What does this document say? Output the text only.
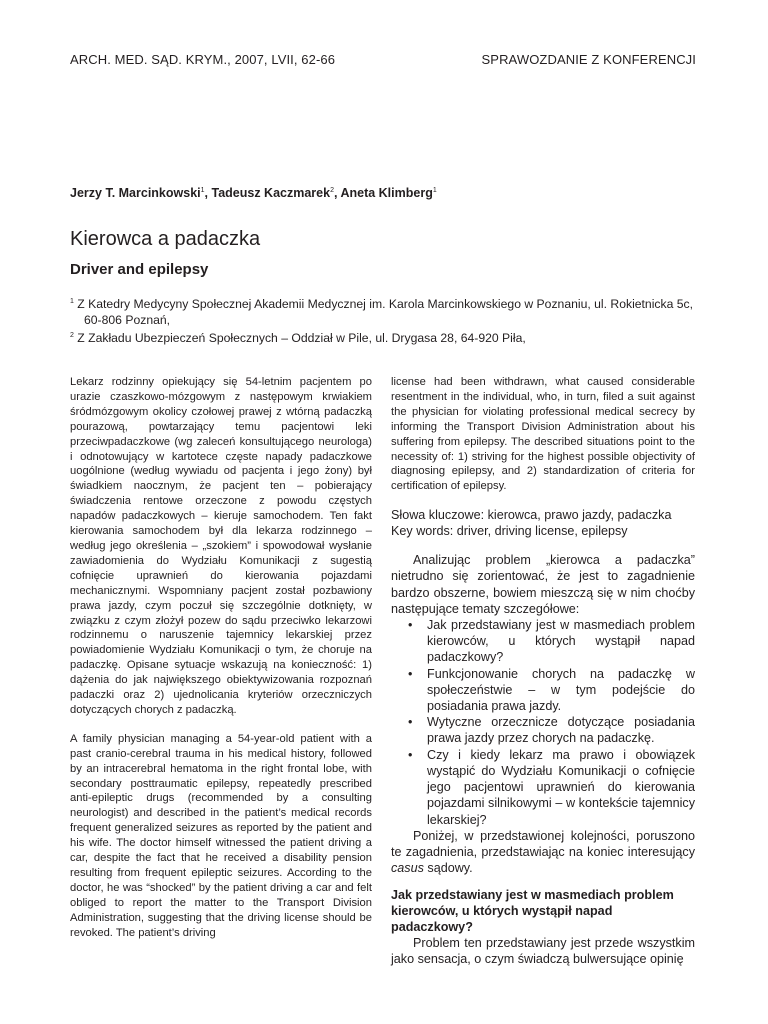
ARCH. MED. SĄD. KRYM., 2007, LVII, 62-66	SPRAWOZDANIE Z KONFERENCJI
Jerzy T. Marcinkowski$^1$, Tadeusz Kaczmarek$^2$, Aneta Klimberg$^1$
Kierowca a padaczka
Driver and epilepsy
$^1$ Z Katedry Medycyny Społecznej Akademii Medycznej im. Karola Marcinkowskiego w Poznaniu, ul. Rokietnicka 5c, 60-806 Poznań,
$^2$ Z Zakładu Ubezpieczeń Społecznych – Oddział w Pile, ul. Drygasa 28, 64-920 Piła,

Lekarz rodzinny opiekujący się 54-letnim pacjentem po urazie czaszkowo-mózgowym z następowym krwiakiem śródmózgowym okolicy czołowej prawej z wtórną padaczką pourazową, powtarzający temu pacjentowi leki przeciwpadaczkowe (wg zaleceń konsultującego neurologa) i odnotowujący w kartotece częste napady padaczkowe uogólnione (według wywiadu od pacjenta i jego żony) był świadkiem naocznym, że pacjent ten – pobierający świadczenia rentowe orzeczone z powodu częstych napadów padaczkowych – kieruje samochodem. Ten fakt kierowania samochodem był dla lekarza rodzinnego – według jego określenia – „szokiem” i spowodował wysłanie zawiadomienia do Wydziału Komunikacji z sugestią cofnięcie uprawnień do kierowania pojazdami mechanicznymi. Wspomniany pacjent został pozbawiony prawa jazdy, czym poczuł się szczególnie dotknięty, w związku z czym złożył pozew do sądu przeciwko lekarzowi rodzinnemu o naruszenie tajemnicy lekarskiej przez powiadomienie Wydziału Komunikacji o tym, że choruje na padaczkę. Opisane sytuacje wskazują na konieczność: 1) dążenia do jak największego obiektywizowania rozpoznań padaczki oraz 2) ujednolicania kryteriów orzeczniczych dotyczących chorych z padaczką.

A family physician managing a 54-year-old patient with a past cranio-cerebral trauma in his medical history, followed by an intracerebral hematoma in the right frontal lobe, with secondary posttraumatic epilepsy, repeatedly prescribed anti-epileptic drugs (recommended by a consulting neurologist) and described in the patient’s medical records frequent generalized seizures as reported by the patient and his wife. The doctor himself witnessed the patient driving a car, despite the fact that he received a disability pension resulting from frequent epileptic seizures. According to the doctor, he was “shocked” by the patient driving a car and felt obliged to report the matter to the Transport Division Administration, suggesting that the driving license should be revoked. The patient’s driving

license had been withdrawn, what caused considerable resentment in the individual, who, in turn, filed a suit against the physician for violating professional medical secrecy by informing the Transport Division Administration about his suffering from epilepsy. The described situations point to the necessity of: 1) striving for the highest possible objectivity of diagnosing epilepsy, and 2) standardization of criteria for certification of epilepsy.

Słowa kluczowe: kierowca, prawo jazdy, padaczka
Key words: driver, driving license, epilepsy

Analizując problem „kierowca a padaczka” nietrudno się zorientować, że jest to zagadnienie bardzo obszerne, bowiem mieszczą się w nim choćby następujące tematy szczegółowe:

• Jak przedstawiany jest w masmediach problem kierowców, u których wystąpił napad padaczkowy?
• Funkcjonowanie chorych na padaczkę w społeczeństwie – w tym podejście do posiadania prawa jazdy.
• Wytyczne orzecznicze dotyczące posiadania prawa jazdy przez chorych na padaczkę.
• Czy i kiedy lekarz ma prawo i obowiązek wystąpić do Wydziału Komunikacji o cofnięcie jego pacjentowi uprawnień do kierowania pojazdami silnikowymi – w kontekście tajemnicy lekarskiej?

Poniżej, w przedstawionej kolejności, poruszono te zagadnienia, przedstawiając na koniec interesujący casus sądowy.

Jak przedstawiany jest w masmediach problem kierowców, u których wystąpił napad padaczkowy?

Problem ten przedstawiany jest przede wszystkim jako sensacja, o czym świadczą bulwersujące opinię
